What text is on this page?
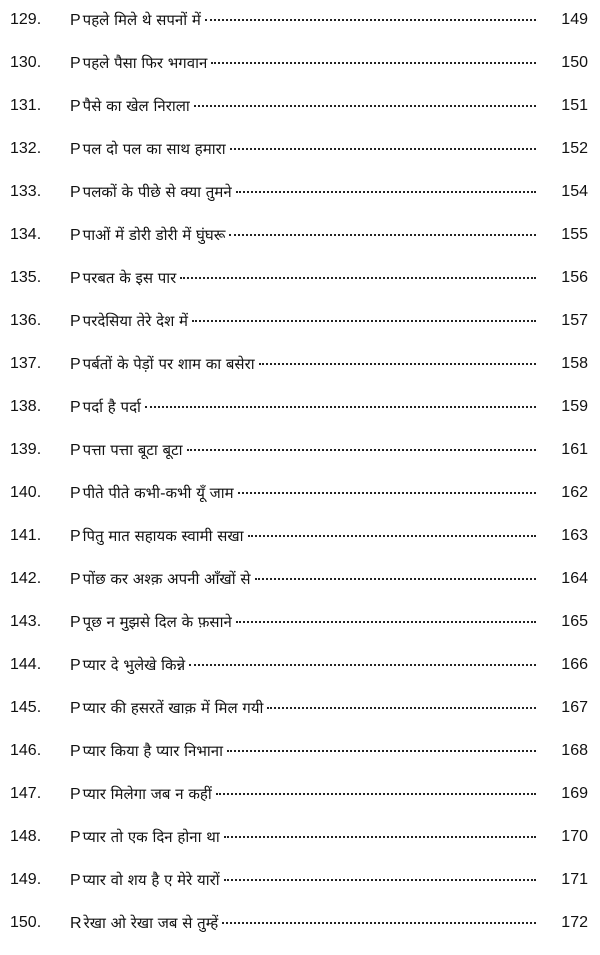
129.	P पहले मिले थे सपनों में	149
130.	P पहले पैसा फिर भगवान	150
131.	P पैसे का खेल निराला	151
132.	P पल दो पल का साथ हमारा	152
133.	P पलकों के पीछे से क्या तुमने	154
134.	P पाओं में डोरी डोरी में घुंघरू	155
135.	P परबत के इस पार	156
136.	P परदेसिया तेरे देश में	157
137.	P पर्बतों के पेड़ों पर शाम का बसेरा	158
138.	P पर्दा है पर्दा	159
139.	P पत्ता पत्ता बूटा बूटा	161
140.	P पीते पीते कभी-कभी यूँ जाम	162
141.	P पितु मात सहायक स्वामी सखा	163
142.	P पोंछ कर अश्क़ अपनी आँखों से	164
143.	P पूछ न मुझसे दिल के फ़साने	165
144.	P प्यार दे भुलेखे किन्ने	166
145.	P प्यार की हसरतें खाक़ में मिल गयी	167
146.	P प्यार किया है प्यार निभाना	168
147.	P प्यार मिलेगा जब न कहीं	169
148.	P प्यार तो एक दिन होना था	170
149.	P प्यार वो शय है ए मेरे यारों	171
150.	R रेखा ओ रेखा जब से तुम्हें	172
